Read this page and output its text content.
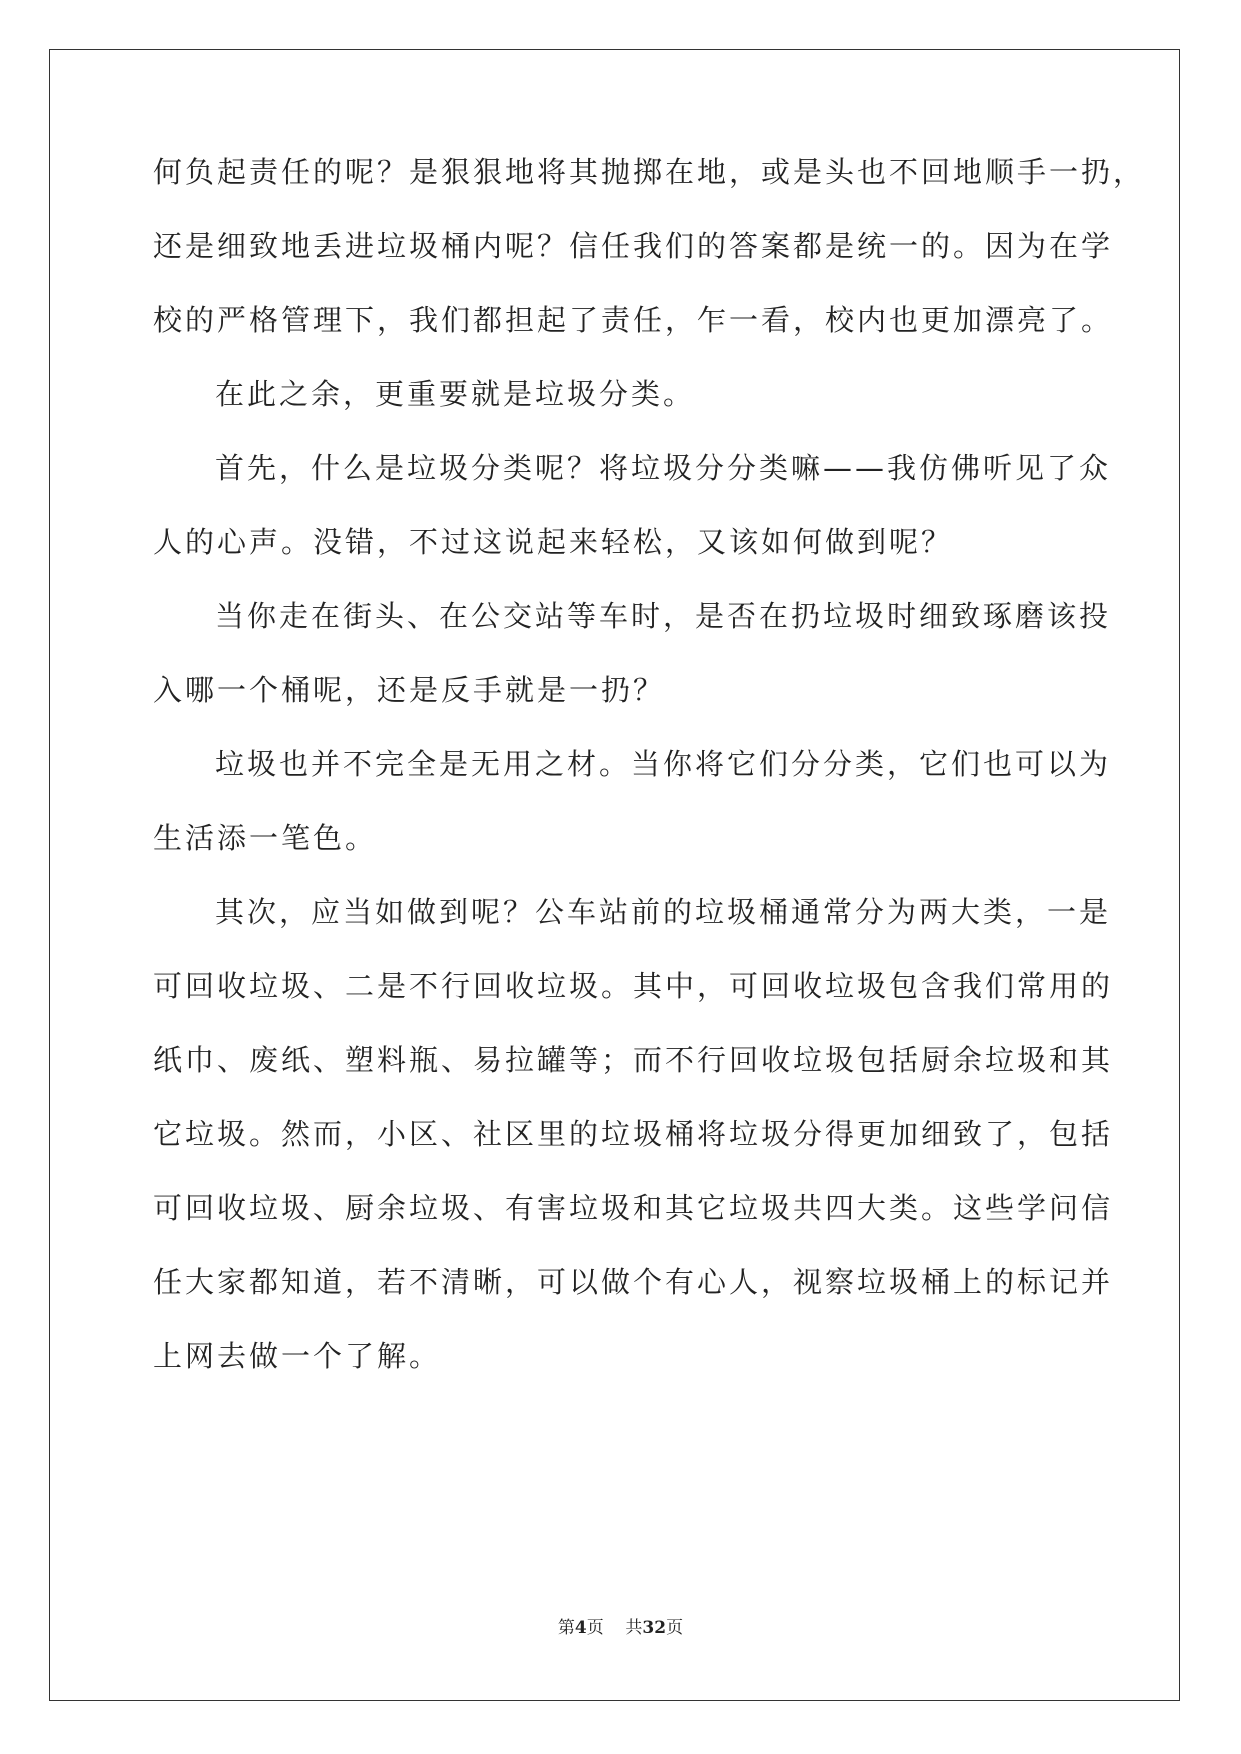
何负起责任的呢？是狠狠地将其抛掷在地，或是头也不回地顺手一扔，
还是细致地丢进垃圾桶内呢？信任我们的答案都是统一的。因为在学
校的严格管理下，我们都担起了责任，乍一看，校内也更加漂亮了。
在此之余，更重要就是垃圾分类。
首先，什么是垃圾分类呢？将垃圾分分类嘛——我仿佛听见了众
人的心声。没错，不过这说起来轻松，又该如何做到呢？
当你走在街头、在公交站等车时，是否在扔垃圾时细致琢磨该投
入哪一个桶呢，还是反手就是一扔？
垃圾也并不完全是无用之材。当你将它们分分类，它们也可以为
生活添一笔色。
其次，应当如做到呢？公车站前的垃圾桶通常分为两大类，一是
可回收垃圾、二是不行回收垃圾。其中，可回收垃圾包含我们常用的
纸巾、废纸、塑料瓶、易拉罐等；而不行回收垃圾包括厨余垃圾和其
它垃圾。然而，小区、社区里的垃圾桶将垃圾分得更加细致了，包括
可回收垃圾、厨余垃圾、有害垃圾和其它垃圾共四大类。这些学问信
任大家都知道，若不清晰，可以做个有心人，视察垃圾桶上的标记并
上网去做一个了解。
第4页 共32页
